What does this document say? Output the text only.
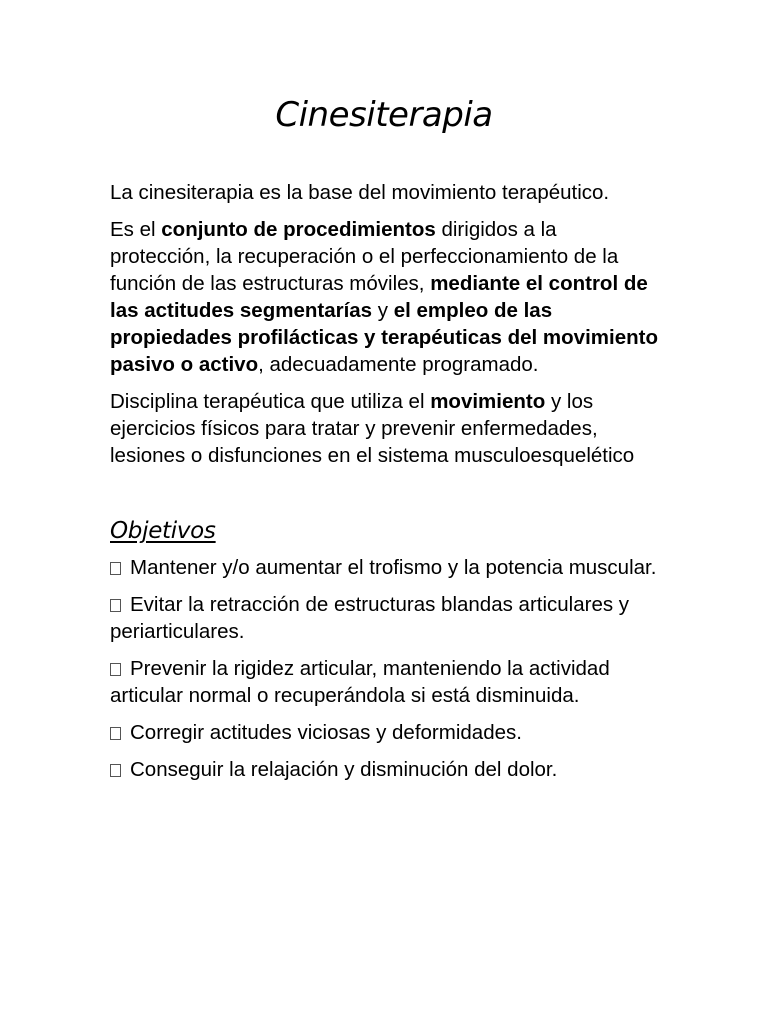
Cinesiterapia

La cinesiterapia es la base del movimiento terapéutico.

Es el conjunto de procedimientos dirigidos a la protección, la recuperación o el perfeccionamiento de la función de las estructuras móviles, mediante el control de las actitudes segmentarías y el empleo de las propiedades profilácticas y terapéuticas del movimiento pasivo o activo, adecuadamente programado.

Disciplina terapéutica que utiliza el movimiento y los ejercicios físicos para tratar y prevenir enfermedades, lesiones o disfunciones en el sistema musculoesquelético

Objetivos

Mantener y/o aumentar el trofismo y la potencia muscular.

Evitar la retracción de estructuras blandas articulares y periarticulares.

Prevenir la rigidez articular, manteniendo la actividad articular normal o recuperándola si está disminuida.

Corregir actitudes viciosas y deformidades.

Conseguir la relajación y disminución del dolor.
